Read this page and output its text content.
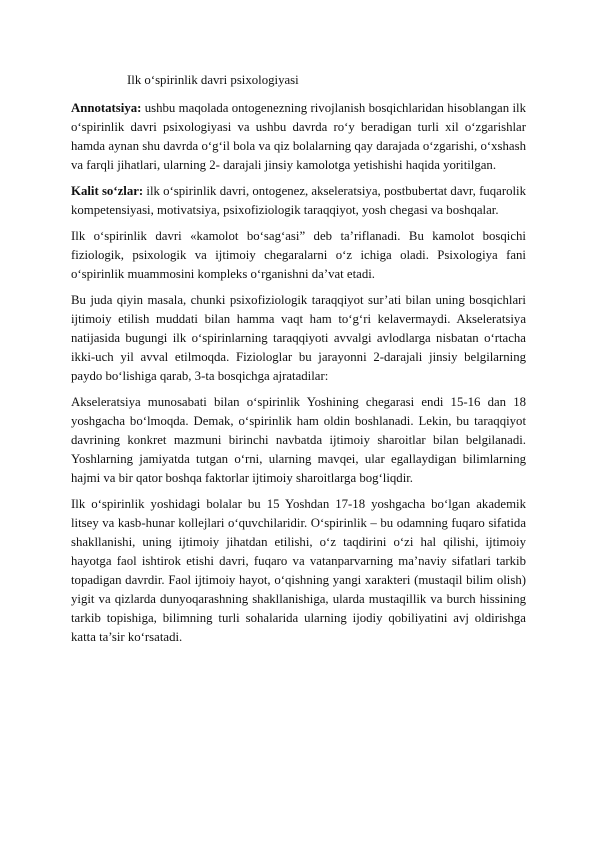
Ilk o‘spirinlik davri psixologiyasi

Annotatsiya: ushbu maqolada ontogenezning rivojlanish bosqichlaridan hisoblangan ilk o‘spirinlik davri psixologiyasi va ushbu davrda ro‘y beradigan turli xil o‘zgarishlar hamda aynan shu davrda o‘g‘il bola va qiz bolalarning qay darajada o‘zgarishi, o‘xshash va farqli jihatlari, ularning 2- darajali jinsiy kamolotga yetishishi haqida yoritilgan.

Kalit so‘zlar: ilk o‘spirinlik davri, ontogenez, akseleratsiya, postbubertat davr, fuqarolik kompetensiyasi, motivatsiya, psixofiziologik taraqqiyot, yosh chegasi va boshqalar.

Ilk o‘spirinlik davri «kamolot bo‘sag‘asi” deb ta’riflanadi. Bu kamolot bosqichi fiziologik, psixologik va ijtimoiy chegaralarni o‘z ichiga oladi. Psixologiya fani o‘spirinlik muammosini kompleks o‘rganishni da’vat etadi.

Bu juda qiyin masala, chunki psixofiziologik taraqqiyot sur’ati bilan uning bosqichlari ijtimoiy etilish muddati bilan hamma vaqt ham to‘g‘ri kelavermaydi. Akseleratsiya natijasida bugungi ilk o‘spirinlarning taraqqiyoti avvalgi avlodlarga nisbatan o‘rtacha ikki-uch yil avval etilmoqda. Fiziologlar bu jarayonni 2-darajali jinsiy belgilarning paydo bo‘lishiga qarab, 3-ta bosqichga ajratadilar:

Akseleratsiya munosabati bilan o‘spirinlik Yoshining chegarasi endi 15-16 dan 18 yoshgacha bo‘lmoqda. Demak, o‘spirinlik ham oldin boshlanadi. Lekin, bu taraqqiyot davrining konkret mazmuni birinchi navbatda ijtimoiy sharoitlar bilan belgilanadi. Yoshlarning jamiyatda tutgan o‘rni, ularning mavqei, ular egallaydigan bilimlarning hajmi va bir qator boshqa faktorlar ijtimoiy sharoitlarga bog‘liqdir.

Ilk o‘spirinlik yoshidagi bolalar bu 15 Yoshdan 17-18 yoshgacha bo‘lgan akademik litsey va kasb-hunar kollejlari o‘quvchilaridir. O‘spirinlik – bu odamning fuqaro sifatida shakllanishi, uning ijtimoiy jihatdan etilishi, o‘z taqdirini o‘zi hal qilishi, ijtimoiy hayotga faol ishtirok etishi davri, fuqaro va vatanparvarning ma’naviy sifatlari tarkib topadigan davrdir. Faol ijtimoiy hayot, o‘qishning yangi xarakteri (mustaqil bilim olish) yigit va qizlarda dunyoqarashning shakllanishiga, ularda mustaqillik va burch hissining tarkib topishiga, bilimning turli sohalarida ularning ijodiy qobiliyatini avj oldirishga katta ta’sir ko‘rsatadi.
